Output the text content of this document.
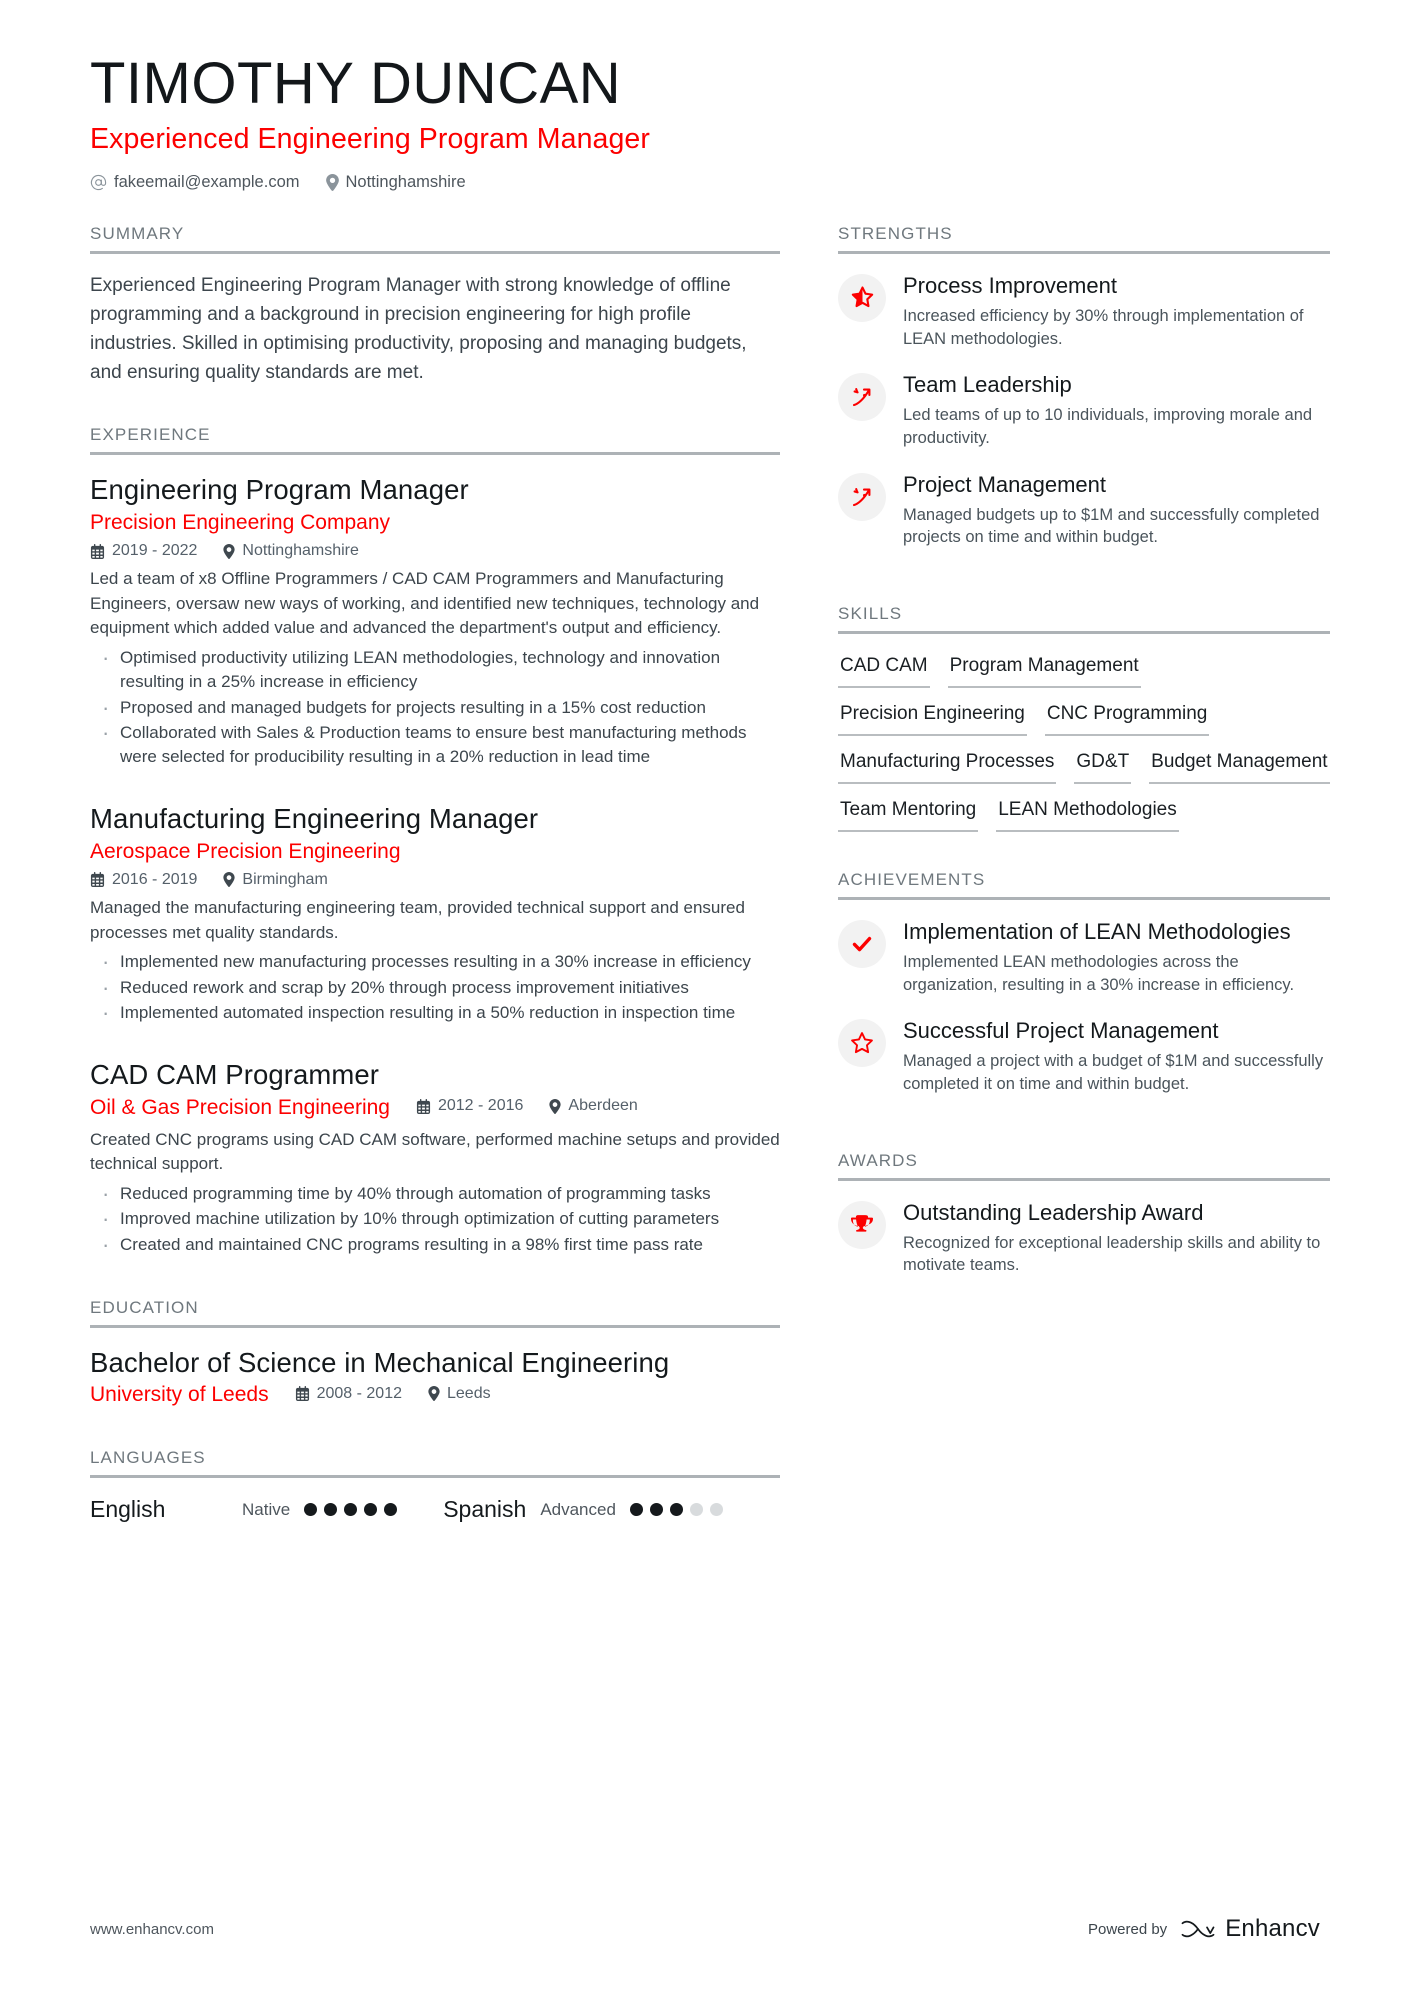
TIMOTHY DUNCAN
Experienced Engineering Program Manager
fakeemail@example.com	Nottinghamshire
SUMMARY
Experienced Engineering Program Manager with strong knowledge of offline programming and a background in precision engineering for high profile industries. Skilled in optimising productivity, proposing and managing budgets, and ensuring quality standards are met.
EXPERIENCE
Engineering Program Manager
Precision Engineering Company
2019 - 2022	Nottinghamshire
Led a team of x8 Offline Programmers / CAD CAM Programmers and Manufacturing Engineers, oversaw new ways of working, and identified new techniques, technology and equipment which added value and advanced the department's output and efficiency.
· Optimised productivity utilizing LEAN methodologies, technology and innovation resulting in a 25% increase in efficiency
· Proposed and managed budgets for projects resulting in a 15% cost reduction
· Collaborated with Sales & Production teams to ensure best manufacturing methods were selected for producibility resulting in a 20% reduction in lead time
Manufacturing Engineering Manager
Aerospace Precision Engineering
2016 - 2019	Birmingham
Managed the manufacturing engineering team, provided technical support and ensured processes met quality standards.
· Implemented new manufacturing processes resulting in a 30% increase in efficiency
· Reduced rework and scrap by 20% through process improvement initiatives
· Implemented automated inspection resulting in a 50% reduction in inspection time
CAD CAM Programmer
Oil & Gas Precision Engineering	2012 - 2016	Aberdeen
Created CNC programs using CAD CAM software, performed machine setups and provided technical support.
· Reduced programming time by 40% through automation of programming tasks
· Improved machine utilization by 10% through optimization of cutting parameters
· Created and maintained CNC programs resulting in a 98% first time pass rate
EDUCATION
Bachelor of Science in Mechanical Engineering
University of Leeds	2008 - 2012	Leeds
LANGUAGES
English	Native	Spanish Advanced
STRENGTHS
Process Improvement
Increased efficiency by 30% through implementation of LEAN methodologies.
Team Leadership
Led teams of up to 10 individuals, improving morale and productivity.
Project Management
Managed budgets up to $1M and successfully completed projects on time and within budget.
SKILLS
CAD CAM Program Management
Precision Engineering CNC Programming
Manufacturing Processes GD&T Budget Management
Team Mentoring LEAN Methodologies
ACHIEVEMENTS
Implementation of LEAN Methodologies
Implemented LEAN methodologies across the organization, resulting in a 30% increase in efficiency.
Successful Project Management
Managed a project with a budget of $1M and successfully completed it on time and within budget.
AWARDS
Outstanding Leadership Award
Recognized for exceptional leadership skills and ability to motivate teams.
www.enhancv.com	Powered by Enhancv
